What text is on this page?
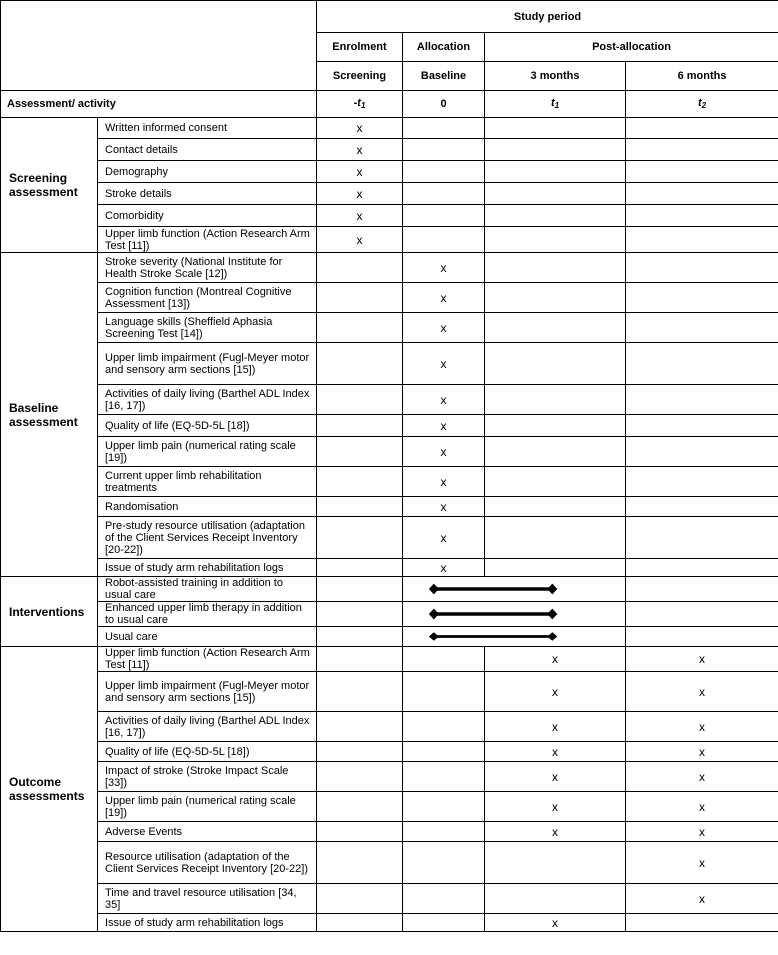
		Study period			
		Enrolment	Allocation	Post-allocation	
		Screening	Baseline	3 months	6 months
Assessment/ activity		$-t_1$	0	$t_1$	$t_2$
Screening assessment	Written informed consent	x			
	Contact details	x			
	Demography	x			
	Stroke details	x			
	Comorbidity	x			
	Upper limb function (Action Research Arm Test [11])	x			
Baseline assessment	Stroke severity (National Institute for Health Stroke Scale [12])		x		
	Cognition function (Montreal Cognitive Assessment [13])		x		
	Language skills (Sheffield Aphasia Screening Test [14])		x		
	Upper limb impairment (Fugl-Meyer motor and sensory arm sections [15])		x		
	Activities of daily living (Barthel ADL Index [16, 17])		x		
	Quality of life (EQ-5D-5L [18])		x		
	Upper limb pain (numerical rating scale [19])		x		
	Current upper limb rehabilitation treatments		x		
	Randomisation		x		
	Pre-study resource utilisation (adaptation of the Client Services Receipt Inventory [20-22])		x		
	Issue of study arm rehabilitation logs		x		
Interventions	Robot-assisted training in addition to usual care		

	Enhanced upper limb therapy in addition to usual care		

	Usual care		

Outcome assessments	Upper limb function (Action Research Arm Test [11])			x	x
	Upper limb impairment (Fugl-Meyer motor and sensory arm sections [15])			x	x
	Activities of daily living (Barthel ADL Index [16, 17])			x	x
	Quality of life (EQ-5D-5L [18])			x	x
	Impact of stroke (Stroke Impact Scale [33])			x	x
	Upper limb pain (numerical rating scale [19])			x	x
	Adverse Events			x	x
	Resource utilisation (adaptation of the Client Services Receipt Inventory [20-22])				x
	Time and travel resource utilisation [34, 35]				x
	Issue of study arm rehabilitation logs			x	
